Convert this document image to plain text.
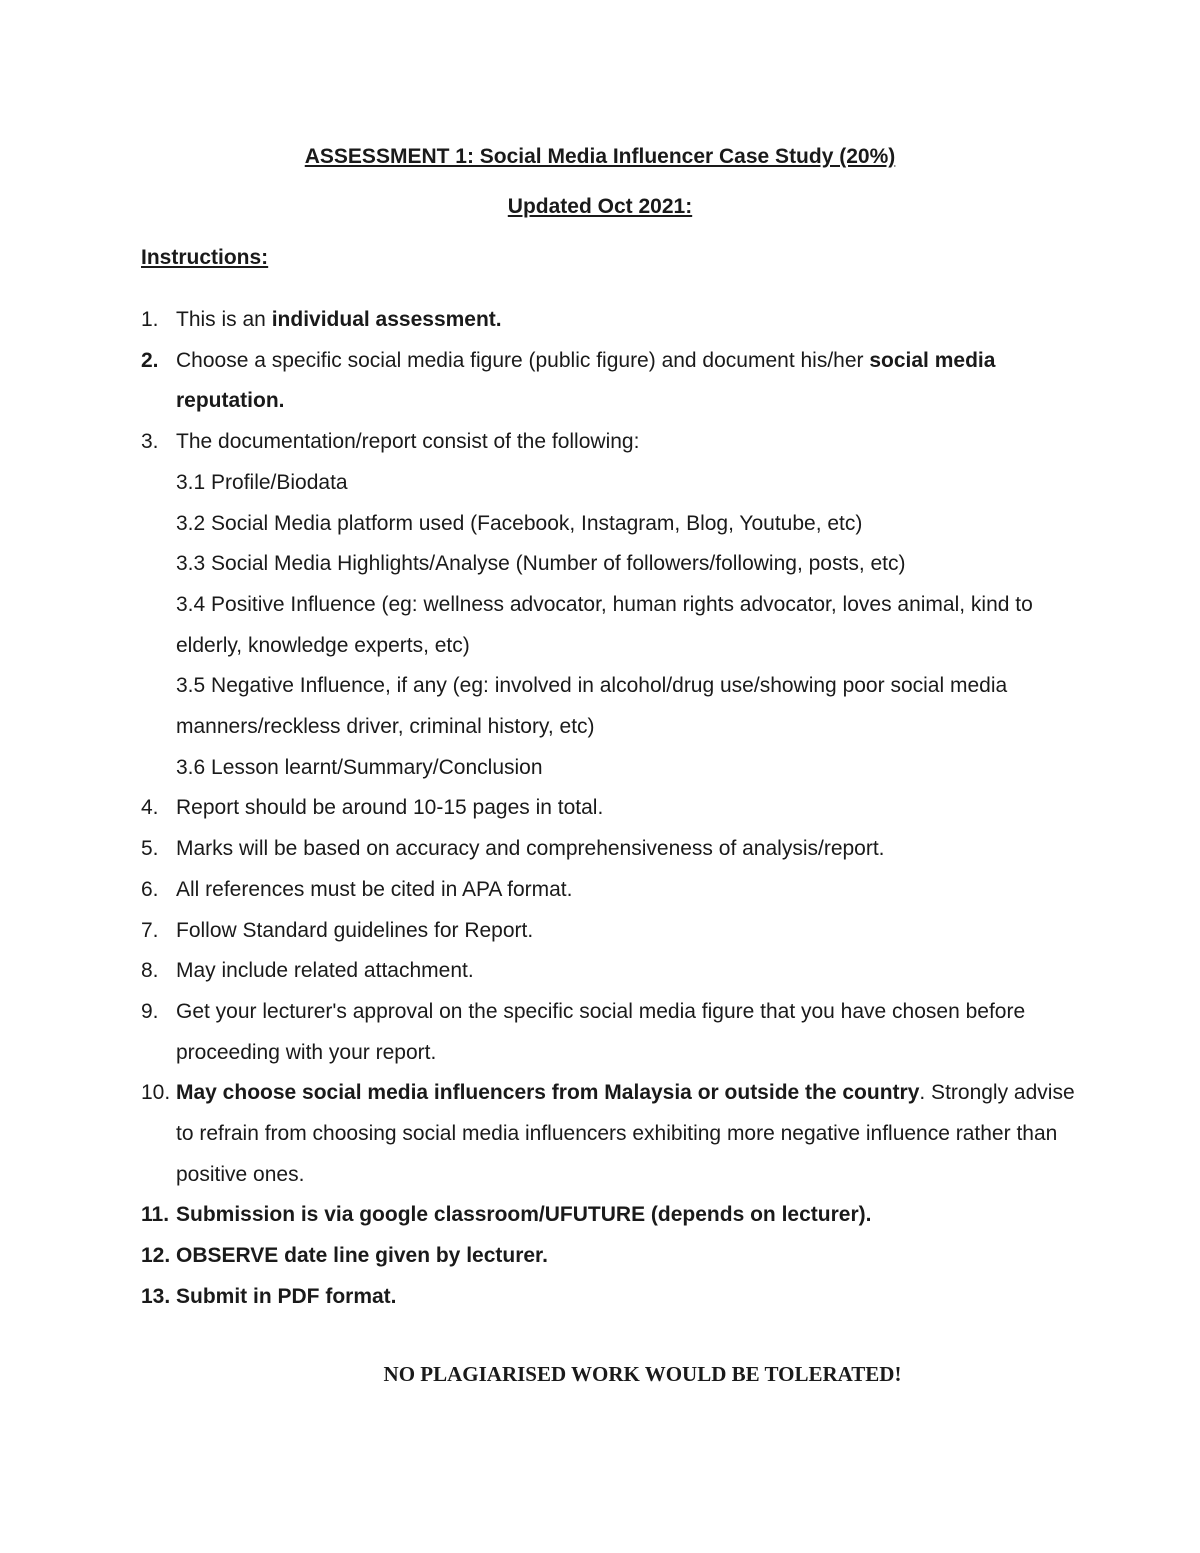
ASSESSMENT 1: Social Media Influencer Case Study (20%)
Updated Oct 2021:
Instructions:
1. This is an individual assessment.
2. Choose a specific social media figure (public figure) and document his/her social media reputation.
3. The documentation/report consist of the following:
3.1 Profile/Biodata
3.2 Social Media platform used (Facebook, Instagram, Blog, Youtube, etc)
3.3 Social Media Highlights/Analyse (Number of followers/following, posts, etc)
3.4 Positive Influence (eg: wellness advocator, human rights advocator, loves animal, kind to elderly, knowledge experts, etc)
3.5 Negative Influence, if any (eg: involved in alcohol/drug use/showing poor social media manners/reckless driver, criminal history, etc)
3.6 Lesson learnt/Summary/Conclusion
4. Report should be around 10-15 pages in total.
5. Marks will be based on accuracy and comprehensiveness of analysis/report.
6. All references must be cited in APA format.
7. Follow Standard guidelines for Report.
8. May include related attachment.
9. Get your lecturer's approval on the specific social media figure that you have chosen before proceeding with your report.
10. May choose social media influencers from Malaysia or outside the country. Strongly advise to refrain from choosing social media influencers exhibiting more negative influence rather than positive ones.
11. Submission is via google classroom/UFUTURE (depends on lecturer).
12. OBSERVE date line given by lecturer.
13. Submit in PDF format.
NO PLAGIARISED WORK WOULD BE TOLERATED!
